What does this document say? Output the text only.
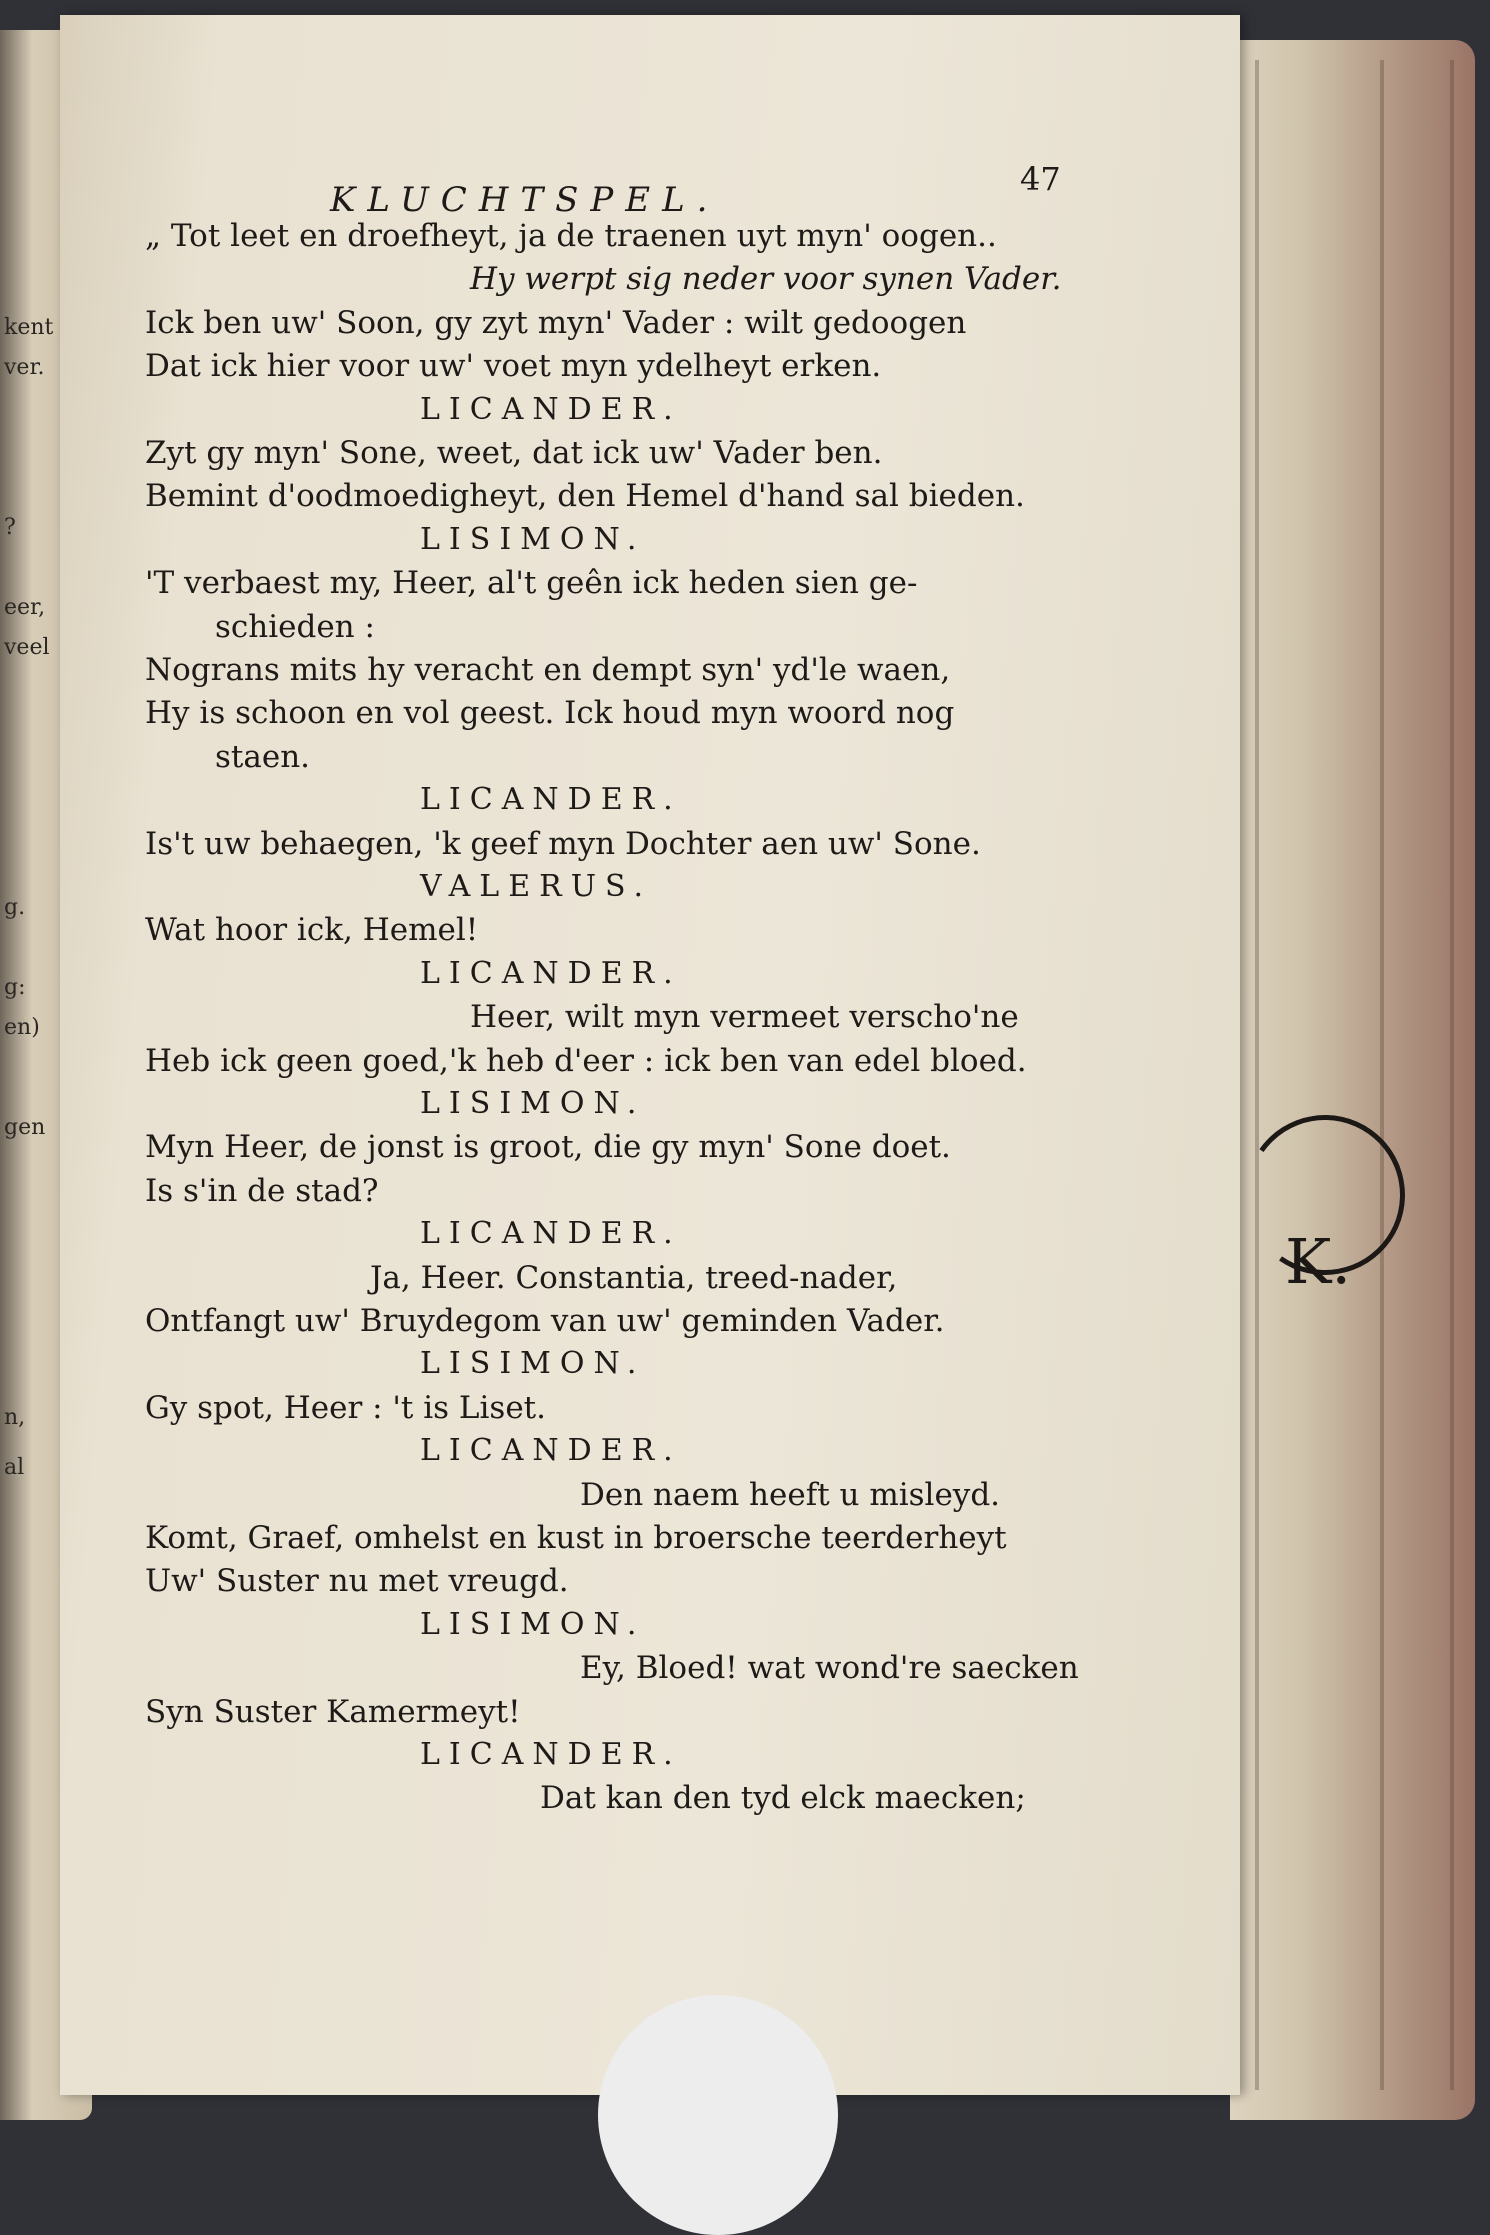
kent
ver.
?
eer,
veel
g.
g:
en)
gen
n,
al
KLUCHTSPEL.
47
„ Tot leet en droefheyt, ja de traenen uyt myn' oogen..
Hy werpt sig neder voor synen Vader.
Ick ben uw' Soon, gy zyt myn' Vader : wilt gedoogen
Dat ick hier voor uw' voet myn ydelheyt erken.
LICANDER.
Zyt gy myn' Sone, weet, dat ick uw' Vader ben.
Bemint d'oodmoedigheyt, den Hemel d'hand sal bieden.
LISIMON.
'T verbaest my, Heer, al't geên ick heden sien ge-
schieden :
Nograns mits hy veracht en dempt syn' yd'le waen,
Hy is schoon en vol geest. Ick houd myn woord nog
staen.
LICANDER.
Is't uw behaegen, 'k geef myn Dochter aen uw' Sone.
VALERUS.
Wat hoor ick, Hemel!
LICANDER.
Heer, wilt myn vermeet verscho'ne
Heb ick geen goed,'k heb d'eer : ick ben van edel bloed.
LISIMON.
Myn Heer, de jonst is groot, die gy myn' Sone doet.
Is s'in de stad?
LICANDER.
Ja, Heer. Constantia, treed-nader,
Ontfangt uw' Bruydegom van uw' geminden Vader.
LISIMON.
Gy spot, Heer : 't is Liset.
LICANDER.
Den naem heeft u misleyd.
Komt, Graef, omhelst en kust in broersche teerderheyt
Uw' Suster nu met vreugd.
LISIMON.
Ey, Bloed! wat wond're saecken
Syn Suster Kamermeyt!
LICANDER.
Dat kan den tyd elck maecken;
K.
